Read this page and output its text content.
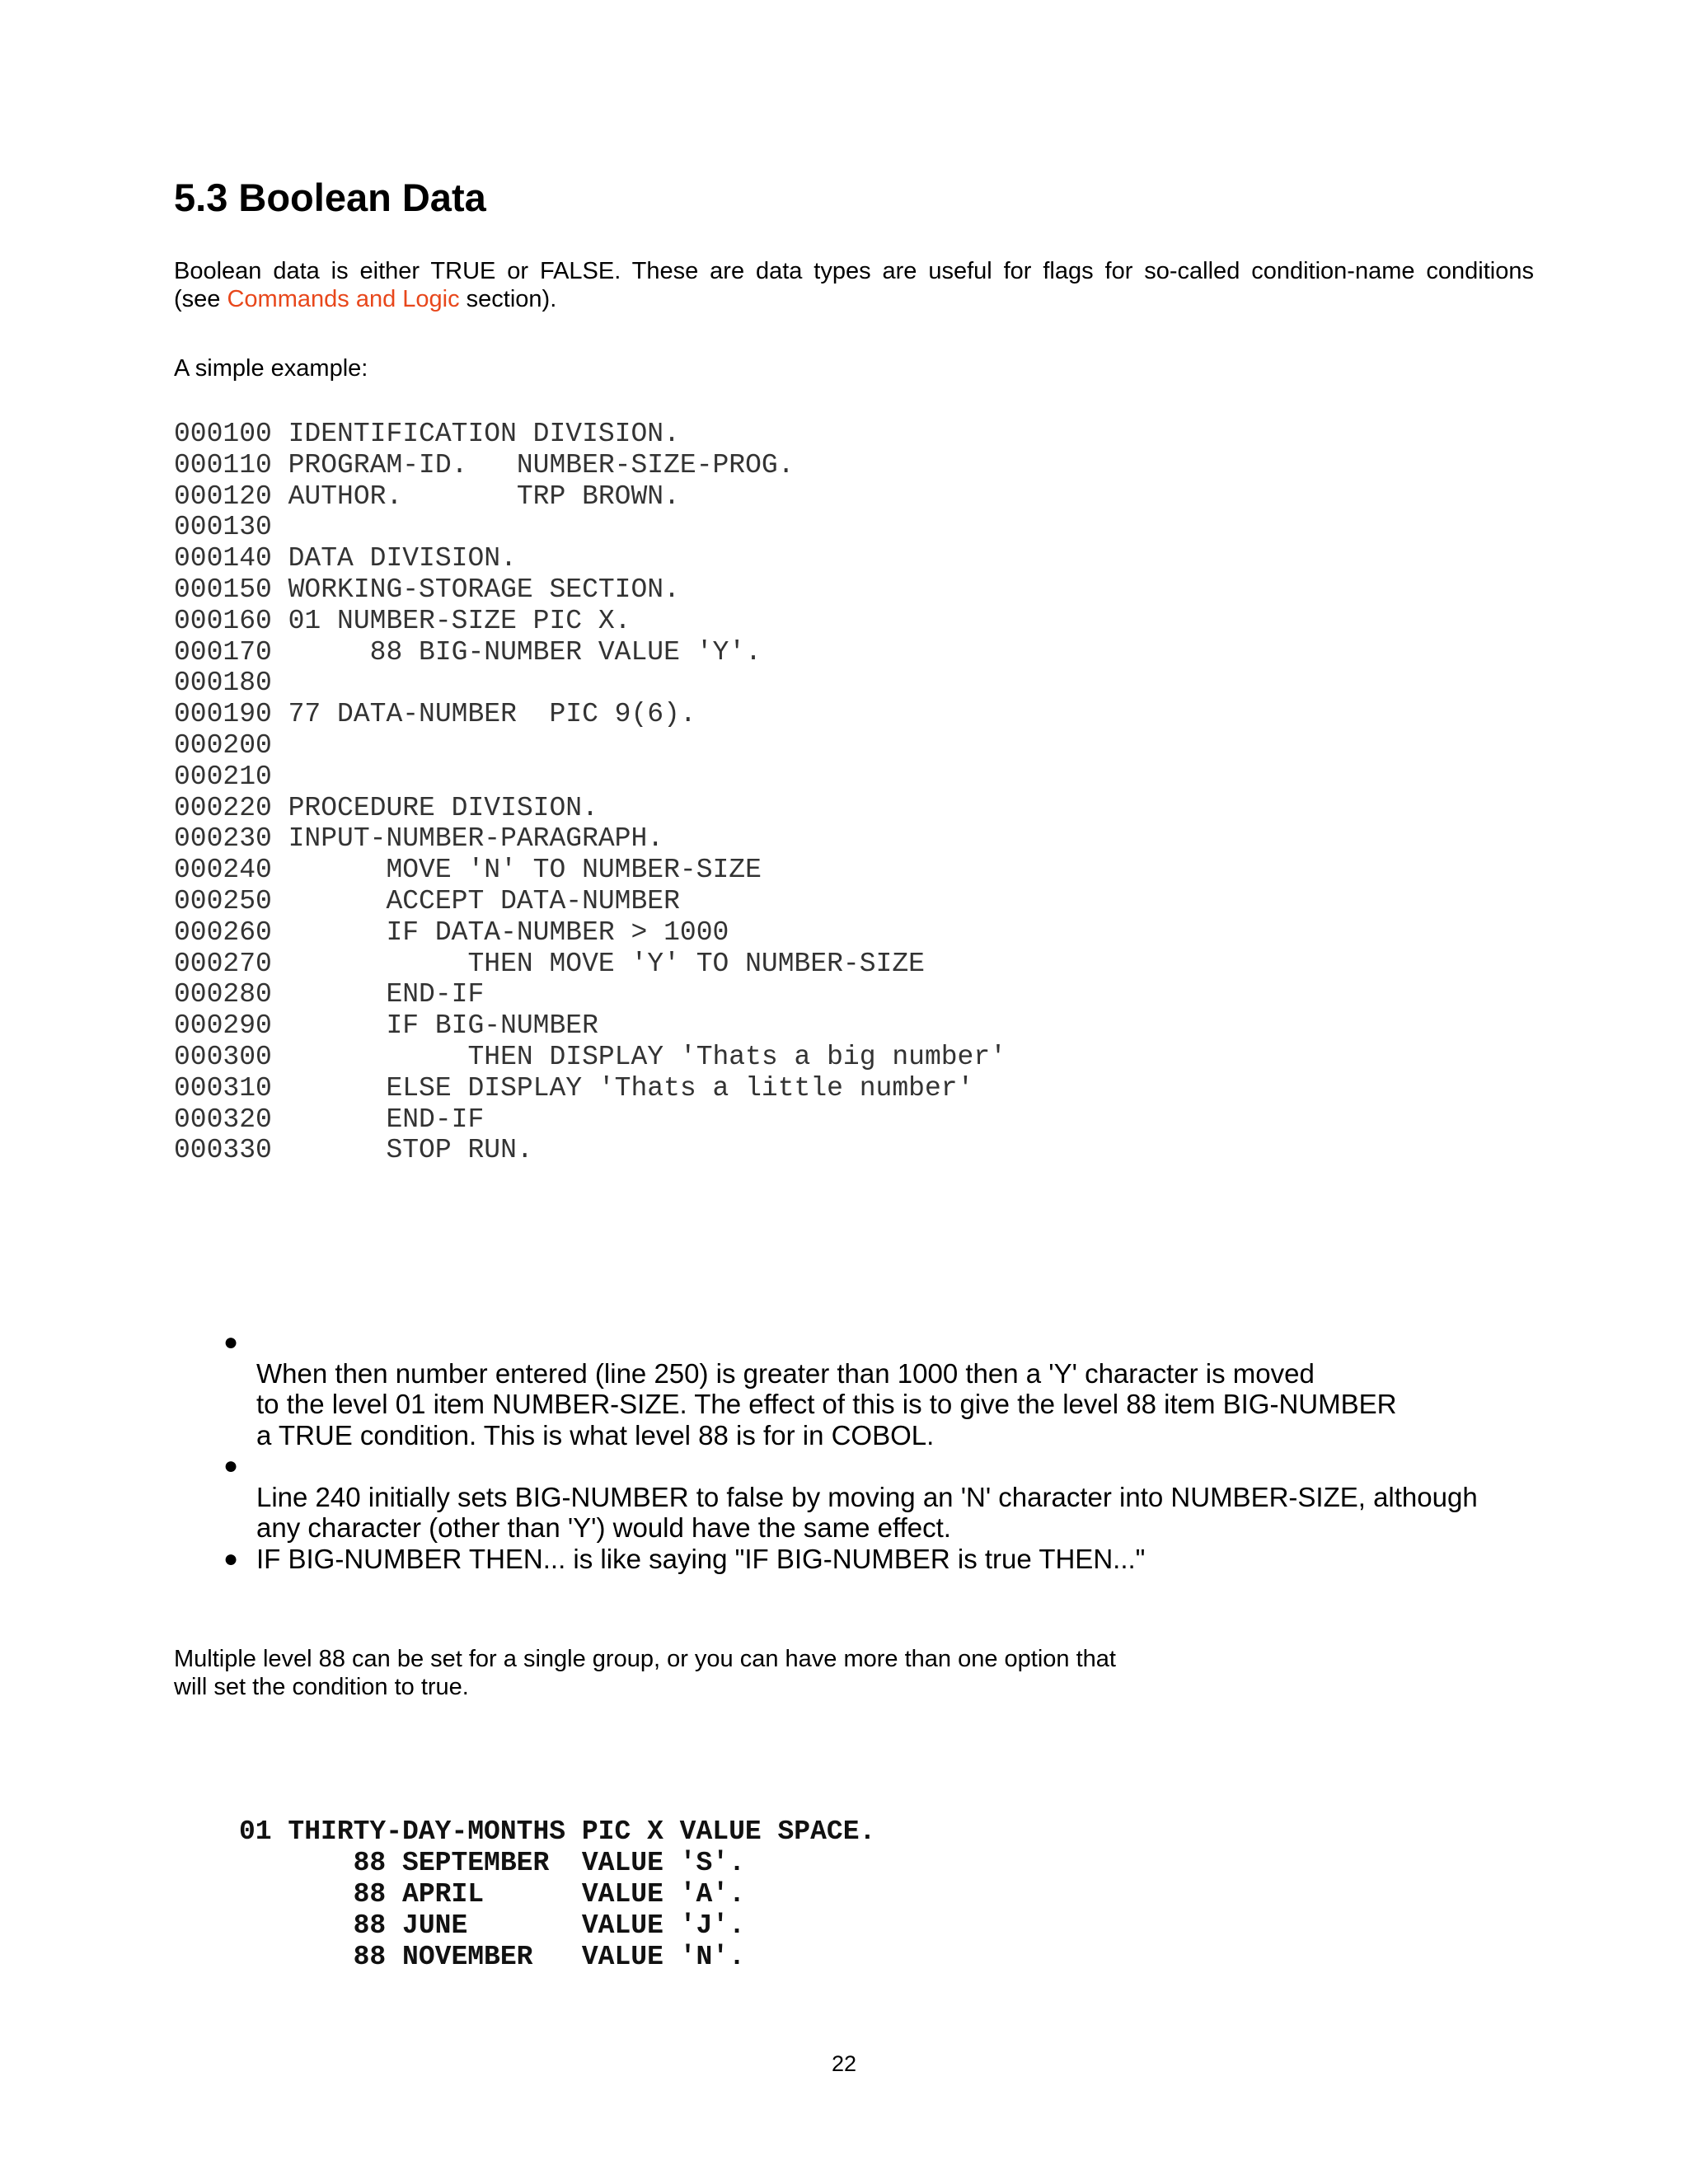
5.3 Boolean Data

Boolean data is either TRUE or FALSE. These are data types are useful for flags for so-called condition-name conditions
(see Commands and Logic section).

A simple example:

000100 IDENTIFICATION DIVISION.
000110 PROGRAM-ID.   NUMBER-SIZE-PROG.
000120 AUTHOR.       TRP BROWN.
000130
000140 DATA DIVISION.
000150 WORKING-STORAGE SECTION.
000160 01 NUMBER-SIZE PIC X.
000170      88 BIG-NUMBER VALUE 'Y'.
000180
000190 77 DATA-NUMBER  PIC 9(6).
000200
000210
000220 PROCEDURE DIVISION.
000230 INPUT-NUMBER-PARAGRAPH.
000240       MOVE 'N' TO NUMBER-SIZE
000250       ACCEPT DATA-NUMBER
000260       IF DATA-NUMBER > 1000
000270            THEN MOVE 'Y' TO NUMBER-SIZE
000280       END-IF
000290       IF BIG-NUMBER
000300            THEN DISPLAY 'Thats a big number'
000310       ELSE DISPLAY 'Thats a little number'
000320       END-IF
000330       STOP RUN.
●
When then number entered (line 250) is greater than 1000 then a 'Y' character is moved
to the level 01 item NUMBER-SIZE. The effect of this is to give the level 88 item BIG-NUMBER
a TRUE condition. This is what level 88 is for in COBOL.
●
Line 240 initially sets BIG-NUMBER to false by moving an 'N' character into NUMBER-SIZE, although
any character (other than 'Y') would have the same effect.
● IF BIG-NUMBER THEN... is like saying "IF BIG-NUMBER is true THEN..."

Multiple level 88 can be set for a single group, or you can have more than one option that
will set the condition to true.

01 THIRTY-DAY-MONTHS PIC X VALUE SPACE.
88 SEPTEMBER  VALUE 'S'.
88 APRIL      VALUE 'A'.
88 JUNE       VALUE 'J'.
88 NOVEMBER   VALUE 'N'.
22
